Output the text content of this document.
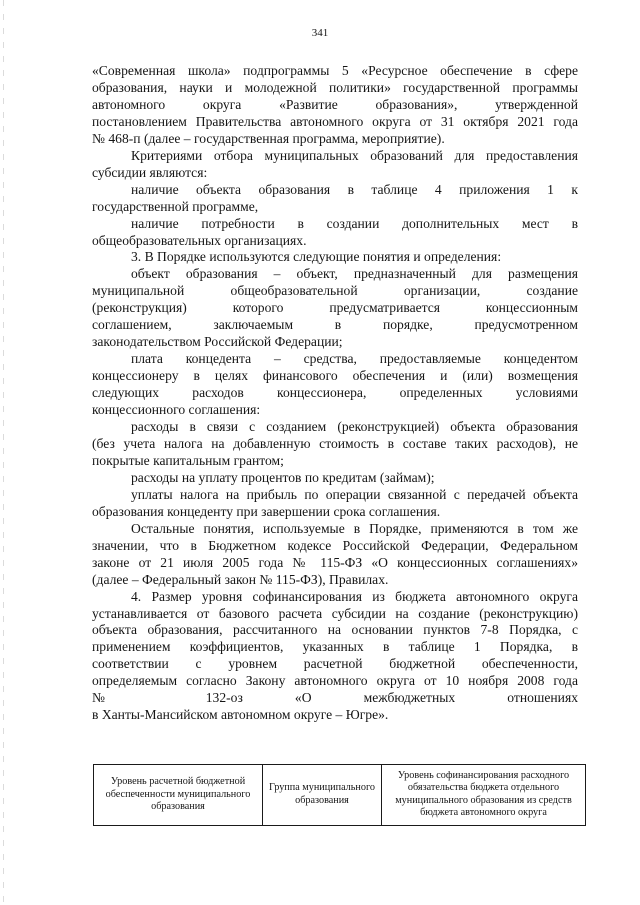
341

«Современная школа» подпрограммы 5 «Ресурсное обеспечение в сфере

образования, науки и молодежной политики» государственной программы

автономного округа «Развитие образования», утвержденной

постановлением Правительства автономного округа от 31 октября 2021 года

№ 468-п (далее – государственная программа, мероприятие).

Критериями отбора муниципальных образований для предоставления

субсидии являются:

наличие объекта образования в таблице 4 приложения 1 к

государственной программе,

наличие потребности в создании дополнительных мест в

общеобразовательных организациях.

3. В Порядке используются следующие понятия и определения:

объект образования – объект, предназначенный для размещения

муниципальной общеобразовательной организации, создание

(реконструкция) которого предусматривается концессионным

соглашением, заключаемым в порядке, предусмотренном

законодательством Российской Федерации;

плата концедента – средства, предоставляемые концедентом

концессионеру в целях финансового обеспечения и (или) возмещения

следующих расходов концессионера, определенных условиями

концессионного соглашения:

расходы в связи с созданием (реконструкцией) объекта образования

(без учета налога на добавленную стоимость в составе таких расходов), не

покрытые капитальным грантом;

расходы на уплату процентов по кредитам (займам);

уплаты налога на прибыль по операции связанной с передачей объекта

образования концеденту при завершении срока соглашения.

Остальные понятия, используемые в Порядке, применяются в том же

значении, что в Бюджетном кодексе Российской Федерации, Федеральном

законе от 21 июля 2005 года № 115-ФЗ «О концессионных соглашениях»

(далее – Федеральный закон № 115-ФЗ), Правилах.

4. Размер уровня софинансирования из бюджета автономного округа

устанавливается от базового расчета субсидии на создание (реконструкцию)

объекта образования, рассчитанного на основании пунктов 7-8 Порядка, с

применением коэффициентов, указанных в таблице 1 Порядка, в

соответствии с уровнем расчетной бюджетной обеспеченности,

определяемым согласно Закону автономного округа от 10 ноября 2008 года

№ 132-оз «О межбюджетных отношениях

в Ханты-Мансийском автономном округе – Югре».

Уровень расчетной бюджетной обеспеченности муниципального образования	Группа муниципального образования	Уровень софинансирования расходного обязательства бюджета отдельного муниципального образования из средств бюджета автономного округа
